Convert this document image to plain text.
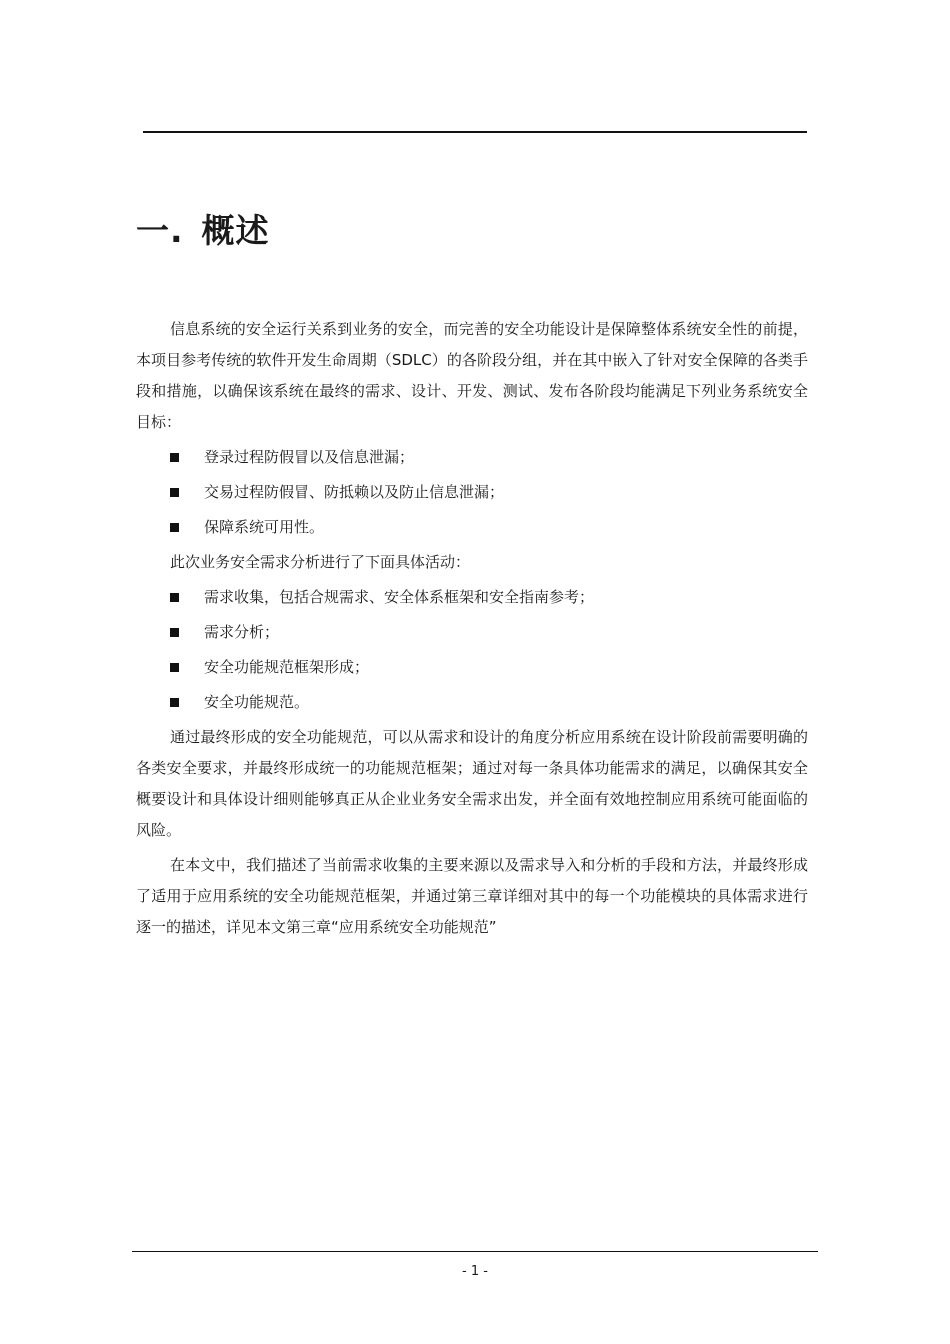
一. 概述

信息系统的安全运行关系到业务的安全，而完善的安全功能设计是保障整体系统安全性的前提，本项目参考传统的软件开发生命周期（SDLC）的各阶段分组，并在其中嵌入了针对安全保障的各类手段和措施，以确保该系统在最终的需求、设计、开发、测试、发布各阶段均能满足下列业务系统安全目标：

登录过程防假冒以及信息泄漏；
交易过程防假冒、防抵赖以及防止信息泄漏；
保障系统可用性。

此次业务安全需求分析进行了下面具体活动：

需求收集，包括合规需求、安全体系框架和安全指南参考；
需求分析；
安全功能规范框架形成；
安全功能规范。

通过最终形成的安全功能规范，可以从需求和设计的角度分析应用系统在设计阶段前需要明确的各类安全要求，并最终形成统一的功能规范框架；通过对每一条具体功能需求的满足，以确保其安全概要设计和具体设计细则能够真正从企业业务安全需求出发，并全面有效地控制应用系统可能面临的风险。

在本文中，我们描述了当前需求收集的主要来源以及需求导入和分析的手段和方法，并最终形成了适用于应用系统的安全功能规范框架，并通过第三章详细对其中的每一个功能模块的具体需求进行逐一的描述，详见本文第三章“应用系统安全功能规范”

- 1 -
